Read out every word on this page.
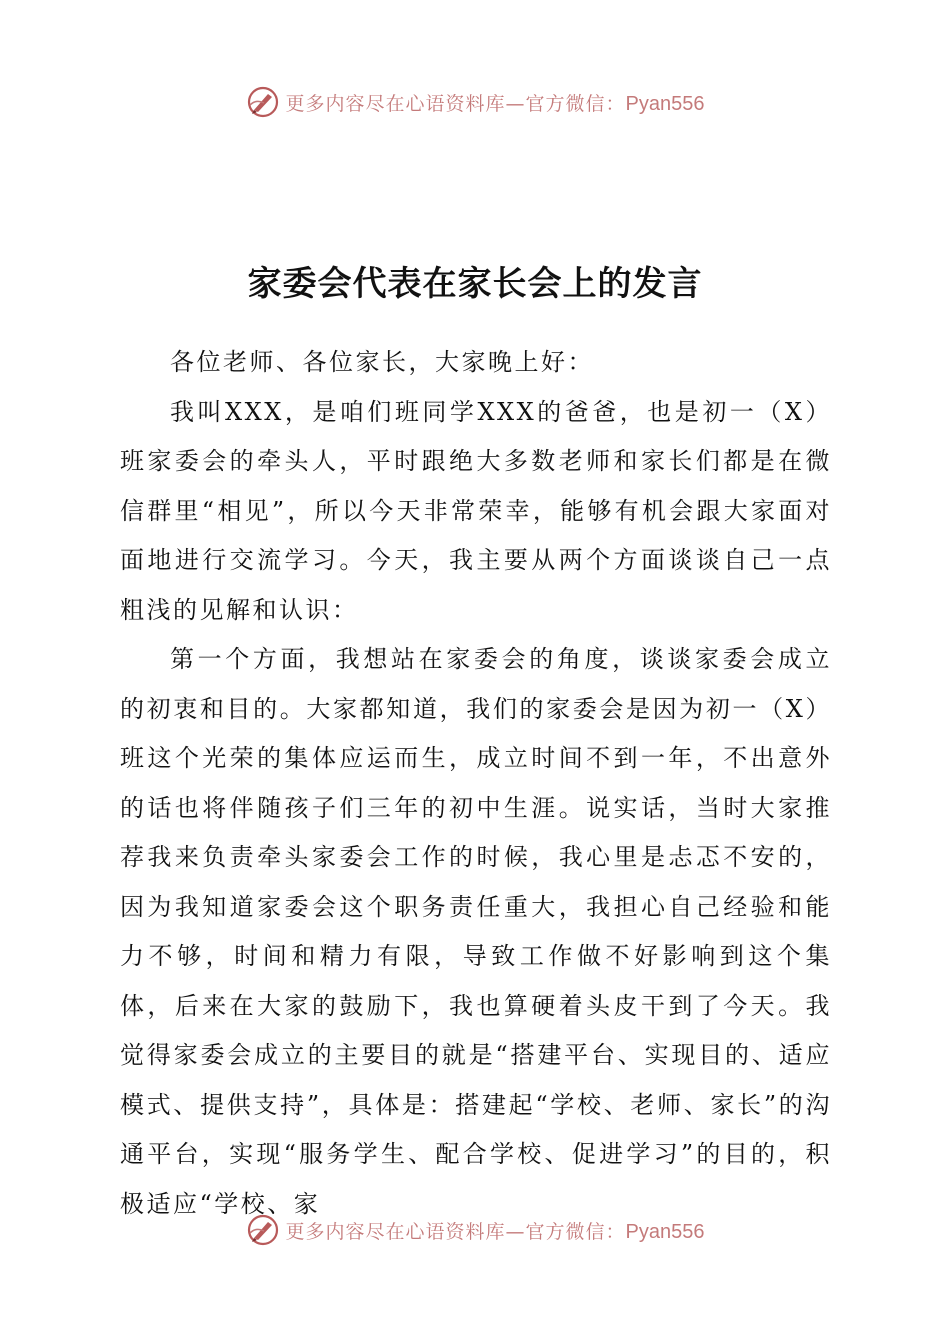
更多内容尽在心语资料库—官方微信：Pyan556
家委会代表在家长会上的发言

各位老师、各位家长，大家晚上好：

我叫XXX，是咱们班同学XXX的爸爸，也是初一（X）班家委会的牵头人，平时跟绝大多数老师和家长们都是在微信群里“相见”，所以今天非常荣幸，能够有机会跟大家面对面地进行交流学习。今天，我主要从两个方面谈谈自己一点粗浅的见解和认识：

第一个方面，我想站在家委会的角度，谈谈家委会成立的初衷和目的。大家都知道，我们的家委会是因为初一（X）班这个光荣的集体应运而生，成立时间不到一年，不出意外的话也将伴随孩子们三年的初中生涯。说实话，当时大家推荐我来负责牵头家委会工作的时候，我心里是忐忑不安的，因为我知道家委会这个职务责任重大，我担心自己经验和能力不够，时间和精力有限，导致工作做不好影响到这个集体，后来在大家的鼓励下，我也算硬着头皮干到了今天。我觉得家委会成立的主要目的就是“搭建平台、实现目的、适应模式、提供支持”，具体是：搭建起“学校、老师、家长”的沟通平台，实现“服务学生、配合学校、促进学习”的目的，积极适应“学校、家

更多内容尽在心语资料库—官方微信：Pyan556
